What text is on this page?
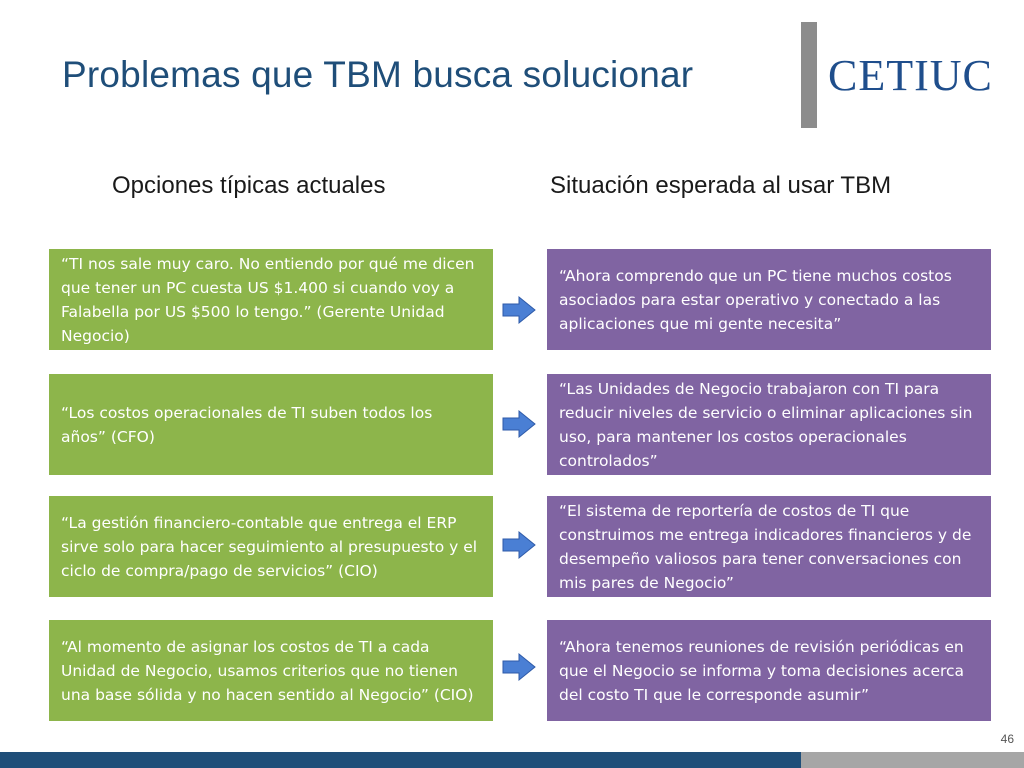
Problemas que TBM busca solucionar	CETIUC
Opciones típicas actuales	Situación esperada al usar TBM
“TI nos sale muy caro. No entiendo por qué me dicen que tener un PC cuesta US $1.400 si cuando voy a Falabella por US $500 lo tengo.” (Gerente Unidad Negocio)
“Ahora comprendo que un PC tiene muchos costos asociados para estar operativo y conectado a las aplicaciones que mi gente necesita”
“Los costos operacionales de TI suben todos los años” (CFO)
“Las Unidades de Negocio trabajaron con TI para reducir niveles de servicio o eliminar aplicaciones sin uso, para mantener los costos operacionales controlados”
“La gestión financiero-contable que entrega el ERP sirve solo para hacer seguimiento al presupuesto y el ciclo de compra/pago de servicios” (CIO)
“El sistema de reportería de costos de TI que construimos me entrega indicadores financieros y de desempeño valiosos para tener conversaciones con mis pares de Negocio”
“Al momento de asignar los costos de TI a cada Unidad de Negocio, usamos criterios que no tienen una base sólida y no hacen sentido al Negocio” (CIO)
“Ahora tenemos reuniones de revisión periódicas en que el Negocio se informa y toma decisiones acerca del costo TI que le corresponde asumir”
46
